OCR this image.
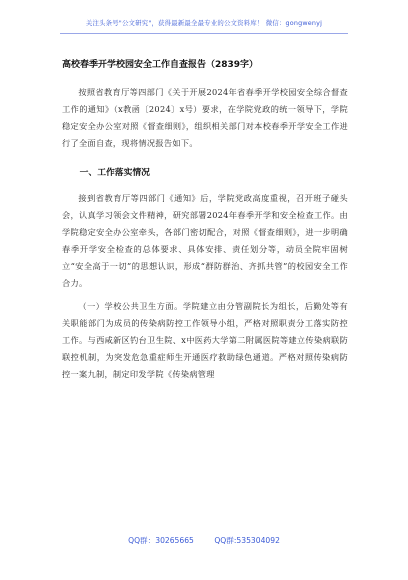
关注头条号"公文研究"，获得最新最全最专业的公文资料库！ 微信：gongwenyj
高校春季开学校园安全工作自查报告（2839字）

按照省教育厅等四部门《关于开展2024年省春季开学校园安全综合督查工作的通知》（x教函〔2024〕x号）要求，在学院党政的统一领导下，学院稳定安全办公室对照《督查细则》，组织相关部门对本校春季开学安全工作进行了全面自查，现将情况报告如下。

一、工作落实情况

接到省教育厅等四部门《通知》后，学院党政高度重视，召开班子碰头会，认真学习领会文件精神，研究部署2024年春季开学和安全检查工作。由学院稳定安全办公室牵头，各部门密切配合，对照《督查细则》，进一步明确春季开学安全检查的总体要求、具体安排、责任划分等，动员全院牢固树立“安全高于一切”的思想认识，形成“群防群治、齐抓共管”的校园安全工作合力。

（一）学校公共卫生方面。学院建立由分管副院长为组长，后勤处等有关职能部门为成员的传染病防控工作领导小组，严格对照职责分工落实防控工作。与西咸新区钓台卫生院、x中医药大学第二附属医院等建立传染病联防联控机制，为突发危急重症师生开通医疗救助绿色通道。严格对照传染病防控一案九制，制定印发学院《传染病管理

QQ群：30265665	QQ群:535304092
